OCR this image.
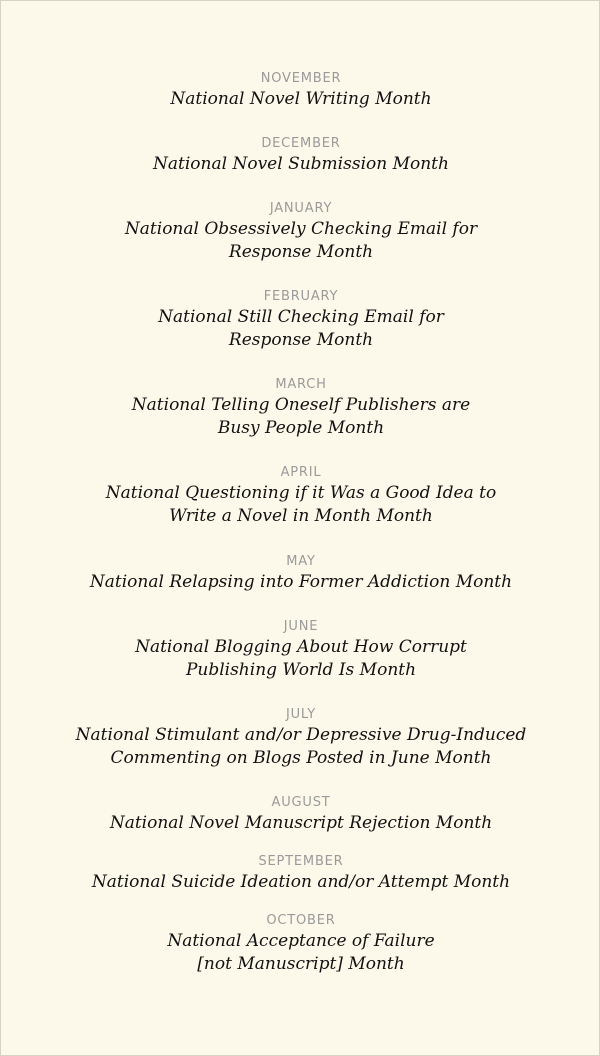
NOVEMBER
National Novel Writing Month
DECEMBER
National Novel Submission Month
JANUARY
National Obsessively Checking Email for
Response Month
FEBRUARY
National Still Checking Email for
Response Month
MARCH
National Telling Oneself Publishers are
Busy People Month
APRIL
National Questioning if it Was a Good Idea to
Write a Novel in Month Month
MAY
National Relapsing into Former Addiction Month
JUNE
National Blogging About How Corrupt
Publishing World Is Month
JULY
National Stimulant and/or Depressive Drug-Induced
Commenting on Blogs Posted in June Month
AUGUST
National Novel Manuscript Rejection Month
SEPTEMBER
National Suicide Ideation and/or Attempt Month
OCTOBER
National Acceptance of Failure
[not Manuscript] Month
